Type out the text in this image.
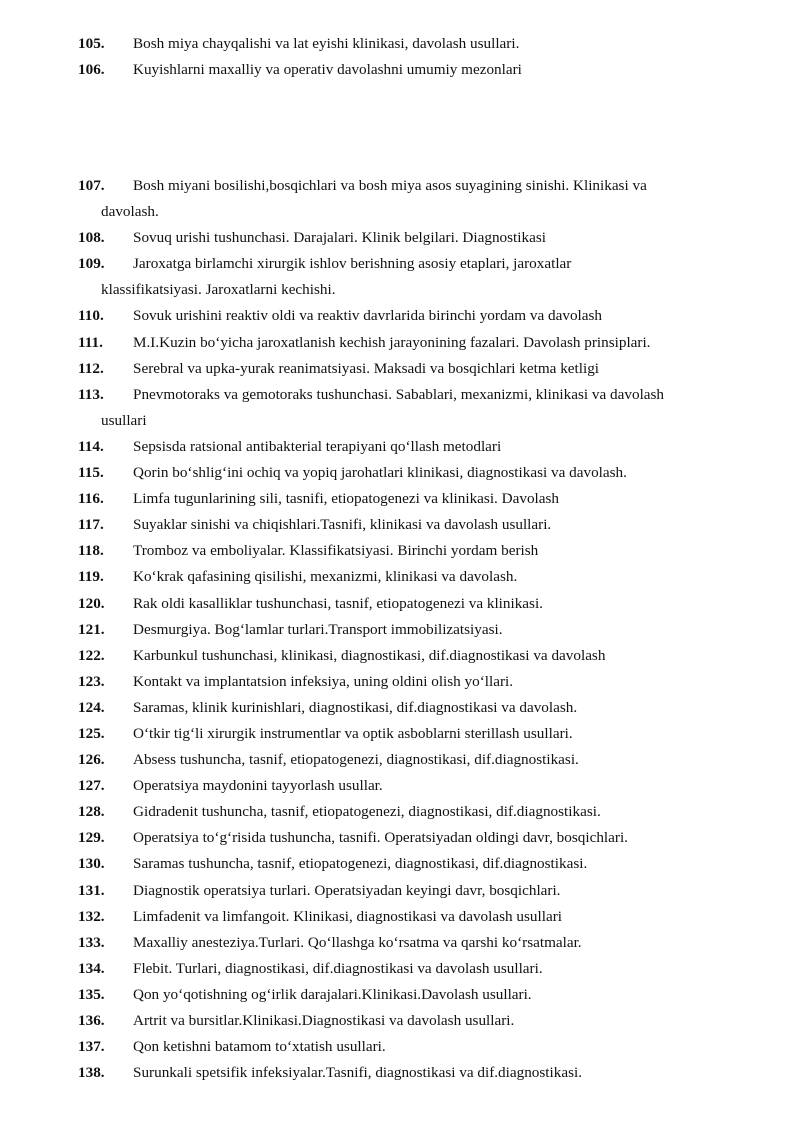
105. Bosh miya chayqalishi va lat eyishi klinikasi, davolash usullari.
106. Kuyishlarni maxalliy va operativ davolashni umumiy mezonlari
107. Bosh miyani bosilishi,bosqichlari va bosh miya asos suyagining sinishi. Klinikasi va
davolash.
108. Sovuq urishi tushunchasi. Darajalari. Klinik belgilari. Diagnostikasi
109. Jaroxatga birlamchi xirurgik ishlov berishning asosiy etaplari, jaroxatlar
klassifikatsiyasi. Jaroxatlarni kechishi.
110. Sovuk urishini reaktiv oldi va reaktiv davrlarida birinchi yordam va davolash
111. M.I.Kuzin bo‘yicha jaroxatlanish kechish jarayonining fazalari. Davolash prinsiplari.
112. Serebral va upka-yurak reanimatsiyasi. Maksadi va bosqichlari ketma ketligi
113. Pnevmotoraks va gemotoraks tushunchasi. Sabablari, mexanizmi, klinikasi va davolash
usullari
114. Sepsisda ratsional antibakterial terapiyani qo‘llash metodlari
115. Qorin bo‘shlig‘ini ochiq va yopiq jarohatlari klinikasi, diagnostikasi va davolash.
116. Limfa tugunlarining sili, tasnifi, etiopatogenezi va klinikasi. Davolash
117. Suyaklar sinishi va chiqishlari.Tasnifi, klinikasi va davolash usullari.
118. Tromboz va emboliyalar. Klassifikatsiyasi. Birinchi yordam berish
119. Ko‘krak qafasining qisilishi, mexanizmi, klinikasi va davolash.
120. Rak oldi kasalliklar tushunchasi, tasnif, etiopatogenezi va klinikasi.
121. Desmurgiya. Bog‘lamlar turlari.Transport immobilizatsiyasi.
122. Karbunkul tushunchasi, klinikasi, diagnostikasi, dif.diagnostikasi va davolash
123. Kontakt va implantatsion infeksiya, uning oldini olish yo‘llari.
124. Saramas, klinik kurinishlari, diagnostikasi, dif.diagnostikasi va davolash.
125. O‘tkir tig‘li xirurgik instrumentlar va optik asboblarni sterillash usullari.
126. Absess tushuncha, tasnif, etiopatogenezi, diagnostikasi, dif.diagnostikasi.
127. Operatsiya maydonini tayyorlash usullar.
128. Gidradenit tushuncha, tasnif, etiopatogenezi, diagnostikasi, dif.diagnostikasi.
129. Operatsiya to‘g‘risida tushuncha, tasnifi. Operatsiyadan oldingi davr, bosqichlari.
130. Saramas tushuncha, tasnif, etiopatogenezi, diagnostikasi, dif.diagnostikasi.
131. Diagnostik operatsiya turlari. Operatsiyadan keyingi davr, bosqichlari.
132. Limfadenit va limfangoit. Klinikasi, diagnostikasi va davolash usullari
133. Maxalliy anesteziya.Turlari. Qo‘llashga ko‘rsatma va qarshi ko‘rsatmalar.
134. Flebit. Turlari, diagnostikasi, dif.diagnostikasi va davolash usullari.
135. Qon yo‘qotishning og‘irlik darajalari.Klinikasi.Davolash usullari.
136. Artrit va bursitlar.Klinikasi.Diagnostikasi va davolash usullari.
137. Qon ketishni batamom to‘xtatish usullari.
138. Surunkali spetsifik infeksiyalar.Tasnifi, diagnostikasi va dif.diagnostikasi.
